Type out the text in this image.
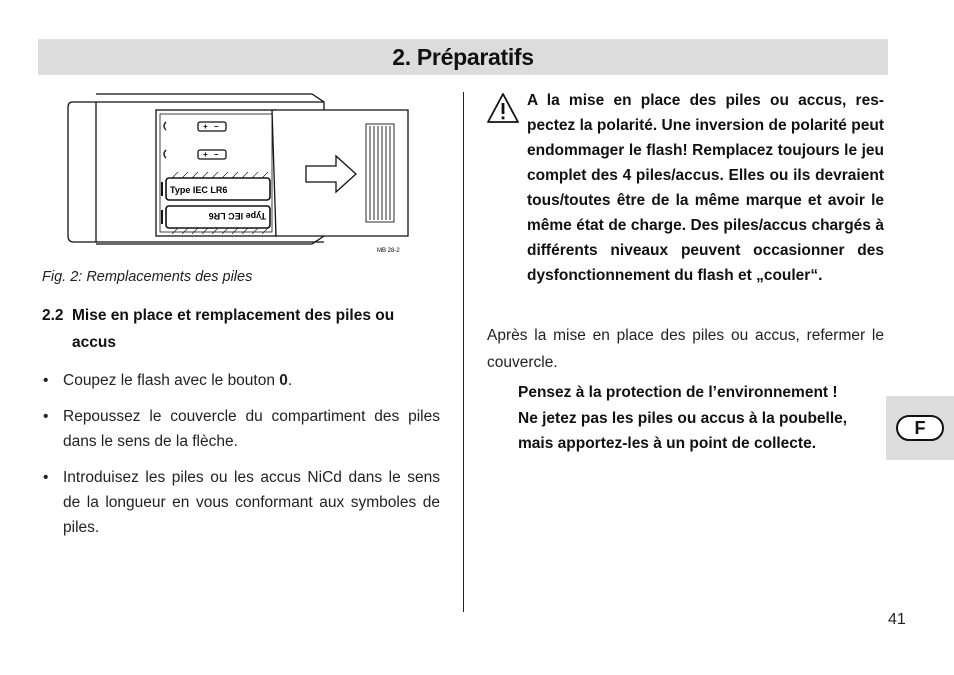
2. Préparatifs
+ –
+ –
Type IEC LR6
Type IEC LR6
MB 28-2
Fig. 2: Remplacements des piles
2.2 Mise en place et remplacement des piles ou
accus
• Coupez le flash avec le bouton 0.
• Repoussez le couvercle du compartiment des piles dans le sens de la flèche.
• Introduisez les piles ou les accus NiCd dans le sens de la longueur en vous conformant aux symboles de piles.
A la mise en place des piles ou accus, res-pectez la polarité. Une inversion de polarité peut endommager le flash! Remplacez toujours le jeu complet des 4 piles/accus. Elles ou ils devraient tous/toutes être de la même marque et avoir le même état de charge. Des piles/accus chargés à différents niveaux peuvent occasionner des dysfonctionnement du flash et „couler“.
Après la mise en place des piles ou accus, refermer le couvercle.
Pensez à la protection de l’environnement !
Ne jetez pas les piles ou accus à la poubelle,
mais apportez-les à un point de collecte.
F
41
